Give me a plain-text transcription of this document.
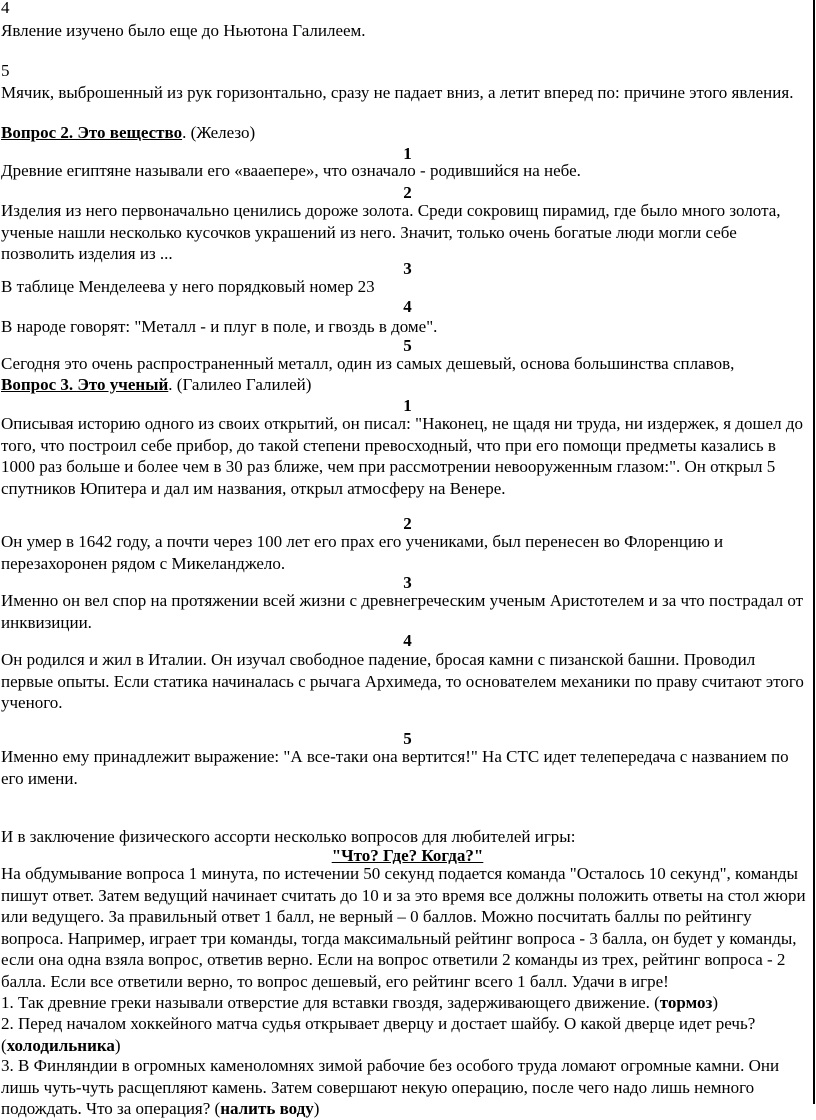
4
Явление изучено было еще до Ньютона Галилеем.
5
Мячик, выброшенный из рук горизонтально, сразу не падает вниз, а летит вперед по: причине этого явления.
Вопрос 2. Это вещество. (Железо)
1
Древние египтяне называли его «вааепере», что означало - родившийся на небе.
2
Изделия из него первоначально ценились дороже золота. Среди сокровищ пирамид, где было много золота,
ученые нашли несколько кусочков украшений из него. Значит, только очень богатые люди могли себе
позволить изделия из ...
3
В таблице Менделеева у него порядковый номер 23
4
В народе говорят: "Металл - и плуг в поле, и гвоздь в доме".
5
Сегодня это очень распространенный металл, один из самых дешевый, основа большинства сплавов,
Вопрос 3. Это ученый. (Галилео Галилей)
1
Описывая историю одного из своих открытий, он писал: "Наконец, не щадя ни труда, ни издержек, я дошел до
того, что построил себе прибор, до такой степени превосходный, что при его помощи предметы казались в
1000 раз больше и более чем в 30 раз ближе, чем при рассмотрении невооруженным глазом:". Он открыл 5
спутников Юпитера и дал им названия, открыл атмосферу на Венере.
2
Он умер в 1642 году, а почти через 100 лет его прах его учениками, был перенесен во Флоренцию и
перезахоронен рядом с Микеланджело.
3
Именно он вел спор на протяжении всей жизни с древнегреческим ученым Аристотелем и за что пострадал от
инквизиции.
4
Он родился и жил в Италии. Он изучал свободное падение, бросая камни с пизанской башни. Проводил
первые опыты. Если статика начиналась с рычага Архимеда, то основателем механики по праву считают этого
ученого.
5
Именно ему принадлежит выражение: "А все-таки она вертится!" На СТС идет телепередача с названием по
его имени.
И в заключение физического ассорти несколько вопросов для любителей игры:
"Что? Где? Когда?"
На обдумывание вопроса 1 минута, по истечении 50 секунд подается команда "Осталось 10 секунд", команды
пишут ответ. Затем ведущий начинает считать до 10 и за это время все должны положить ответы на стол жюри
или ведущего. За правильный ответ 1 балл, не верный – 0 баллов. Можно посчитать баллы по рейтингу
вопроса. Например, играет три команды, тогда максимальный рейтинг вопроса - 3 балла, он будет у команды,
если она одна взяла вопрос, ответив верно. Если на вопрос ответили 2 команды из трех, рейтинг вопроса - 2
балла. Если все ответили верно, то вопрос дешевый, его рейтинг всего 1 балл. Удачи в игре!
1. Так древние греки называли отверстие для вставки гвоздя, задерживающего движение. (тормоз)
2. Перед началом хоккейного матча судья открывает дверцу и достает шайбу. О какой дверце идет речь?
(холодильника)
3. В Финляндии в огромных каменоломнях зимой рабочие без особого труда ломают огромные камни. Они
лишь чуть-чуть расщепляют камень. Затем совершают некую операцию, после чего надо лишь немного
подождать. Что за операция? (налить воду)
